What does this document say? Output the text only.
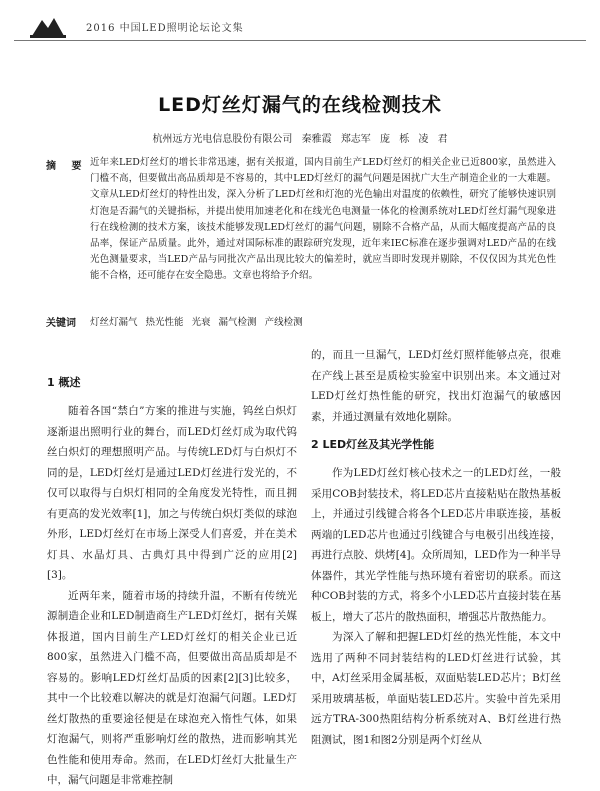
2016 中国LED照明论坛论文集
LED灯丝灯漏气的在线检测技术
杭州远方光电信息股份有限公司 秦雅霞 郑志军 庞 栎 凌 君
摘 要 近年来LED灯丝灯的增长非常迅速，据有关报道，国内目前生产LED灯丝灯的相关企业已近800家，虽然进入门槛不高，但要做出高品质却是不容易的，其中LED灯丝灯的漏气问题是困扰广大生产制造企业的一大难题。文章从LED灯丝灯的特性出发，深入分析了LED灯丝和灯泡的光色输出对温度的依赖性，研究了能够快速识别灯泡是否漏气的关键指标，并提出使用加速老化和在线光色电测量一体化的检测系统对LED灯丝灯漏气现象进行在线检测的技术方案，该技术能够发现LED灯丝灯的漏气问题，剔除不合格产品，从而大幅度提高产品的良品率，保证产品质量。此外，通过对国际标准的跟踪研究发现，近年来IEC标准在逐步强调对LED产品的在线光色测量要求，当LED产品与同批次产品出现比较大的偏差时，就应当即时发现并剔除，不仅仅因为其光色性能不合格，还可能存在安全隐患。文章也将给予介绍。

关键词 灯丝灯漏气 热光性能 光衰 漏气检测 产线检测
1 概述

随着各国“禁白”方案的推进与实施，钨丝白炽灯逐渐退出照明行业的舞台，而LED灯丝灯成为取代钨丝白炽灯的理想照明产品。与传统LED灯与白炽灯不同的是，LED灯丝灯是通过LED灯丝进行发光的，不仅可以取得与白炽灯相同的全角度发光特性，而且拥有更高的发光效率[1]，加之与传统白炽灯类似的球泡外形，LED灯丝灯在市场上深受人们喜爱，并在美术灯具、水晶灯具、古典灯具中得到广泛的应用[2][3]。

近两年来，随着市场的持续升温，不断有传统光源制造企业和LED制造商生产LED灯丝灯，据有关媒体报道，国内目前生产LED灯丝灯的相关企业已近800家，虽然进入门槛不高，但要做出高品质却是不容易的。影响LED灯丝灯品质的因素[2][3]比较多，其中一个比较难以解决的就是灯泡漏气问题。LED灯丝灯散热的重要途径便是在球泡充入惰性气体，如果灯泡漏气，则将严重影响灯丝的散热，进而影响其光色性能和使用寿命。然而，在LED灯丝灯大批量生产中，漏气问题是非常难控制

的，而且一旦漏气，LED灯丝灯照样能够点亮，很难在产线上甚至是质检实验室中识别出来。本文通过对LED灯丝灯热性能的研究，找出灯泡漏气的敏感因素，并通过测量有效地化剔除。

2 LED灯丝及其光学性能

作为LED灯丝灯核心技术之一的LED灯丝，一般采用COB封装技术，将LED芯片直接粘贴在散热基板上，并通过引线键合将各个LED芯片串联连接，基板两端的LED芯片也通过引线键合与电极引出线连接，再进行点胶、烘烤[4]。众所周知，LED作为一种半导体器件，其光学性能与热环境有着密切的联系。而这种COB封装的方式，将多个小LED芯片直接封装在基板上，增大了芯片的散热面积，增强芯片散热能力。

为深入了解和把握LED灯丝的热光性能，本文中选用了两种不同封装结构的LED灯丝进行试验，其中，A灯丝采用金属基板，双面贴装LED芯片；B灯丝采用玻璃基板，单面贴装LED芯片。实验中首先采用远方TRA-300热阻结构分析系统对A、B灯丝进行热阻测试，图1和图2分别是两个灯丝从
